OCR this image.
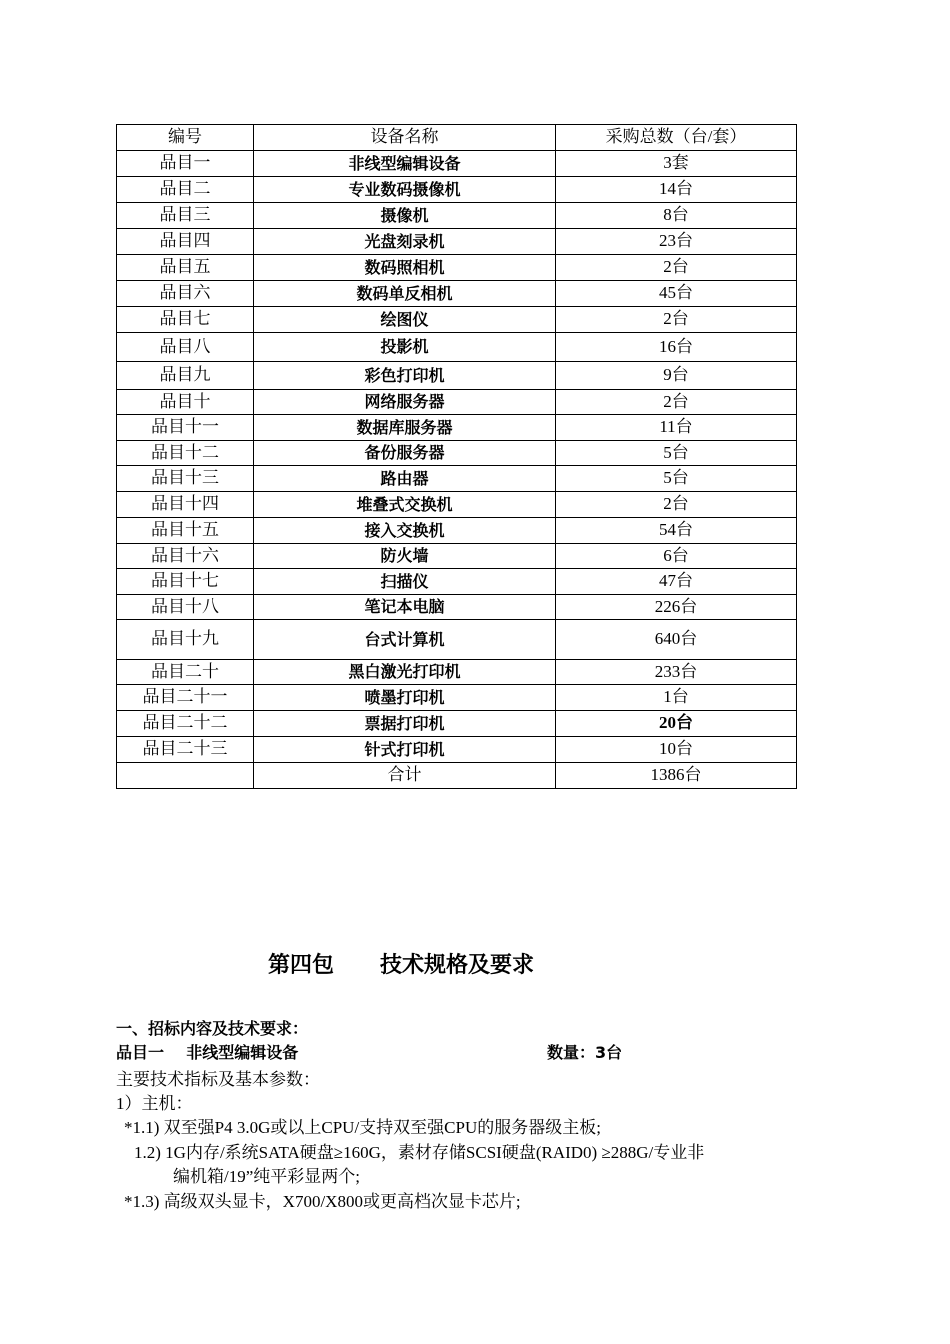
编号	设备名称	采购总数（台/套）
品目一	非线型编辑设备	3套
品目二	专业数码摄像机	14台
品目三	摄像机	8台
品目四	光盘刻录机	23台
品目五	数码照相机	2台
品目六	数码单反相机	45台
品目七	绘图仪	2台
品目八	投影机	16台
品目九	彩色打印机	9台
品目十	网络服务器	2台
品目十一	数据库服务器	11台
品目十二	备份服务器	5台
品目十三	路由器	5台
品目十四	堆叠式交换机	2台
品目十五	接入交换机	54台
品目十六	防火墙	6台
品目十七	扫描仪	47台
品目十八	笔记本电脑	226台
品目十九	台式计算机	640台
品目二十	黑白激光打印机	233台
品目二十一	喷墨打印机	1台
品目二十二	票据打印机	20台
品目二十三	针式打印机	10台
	合计	1386台
第四包      技术规格及要求
一、招标内容及技术要求：
品目一    非线型编辑设备	数量：3台
主要技术指标及基本参数：
1）主机：
*1.1) 双至强P4 3.0G或以上CPU/支持双至强CPU的服务器级主板;
1.2) 1G内存/系统SATA硬盘≥160G，素材存储SCSI硬盘(RAID0) ≥288G/专业非
编机箱/19”纯平彩显两个;
*1.3) 高级双头显卡，X700/X800或更高档次显卡芯片;
